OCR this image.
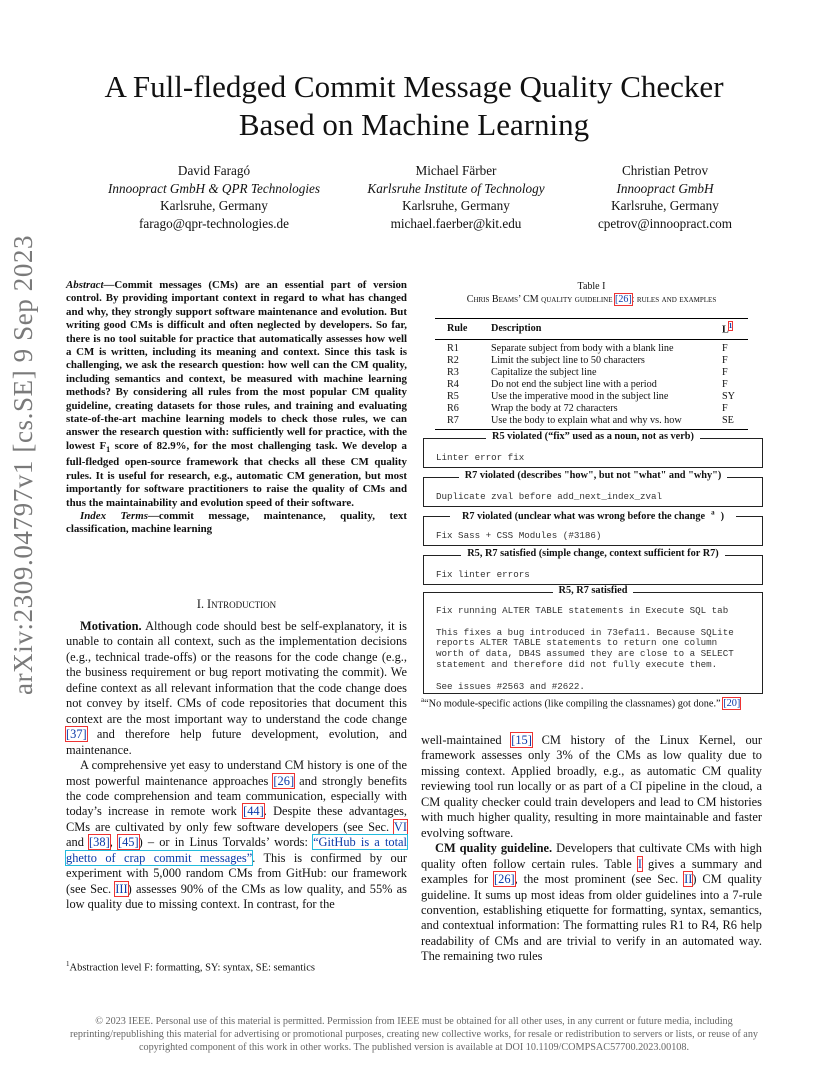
arXiv:2309.04797v1 [cs.SE] 9 Sep 2023
A Full-fledged Commit Message Quality Checker
Based on Machine Learning
David Faragó
Innoopract GmbH & QPR Technologies
Karlsruhe, Germany
farago@qpr-technologies.de
Michael Färber
Karlsruhe Institute of Technology
Karlsruhe, Germany
michael.faerber@kit.edu
Christian Petrov
Innoopract GmbH
Karlsruhe, Germany
cpetrov@innoopract.com
Abstract—Commit messages (CMs) are an essential part of version control. By providing important context in regard to what has changed and why, they strongly support software maintenance and evolution. But writing good CMs is difficult and often neglected by developers. So far, there is no tool suitable for practice that automatically assesses how well a CM is written, including its meaning and context. Since this task is challenging, we ask the research question: how well can the CM quality, including semantics and context, be measured with machine learning methods? By considering all rules from the most popular CM quality guideline, creating datasets for those rules, and training and evaluating state-of-the-art machine learning models to check those rules, we can answer the research question with: sufficiently well for practice, with the lowest $F_1$ score of 82.9%, for the most challenging task. We develop a full-fledged open-source framework that checks all these CM quality rules. It is useful for research, e.g., automatic CM generation, but most importantly for software practitioners to raise the quality of CMs and thus the maintainability and evolution speed of their software.
Index Terms—commit message, maintenance, quality, text classification, machine learning
I. Introduction

Motivation. Although code should best be self-explanatory, it is unable to contain all context, such as the implementation decisions (e.g., technical trade-offs) or the reasons for the code change (e.g., the business requirement or bug report motivating the commit). We define context as all relevant information that the code change does not convey by itself. CMs of code repositories that document this context are the most important way to understand the code change [37] and therefore help future development, evolution, and maintenance.

A comprehensive yet easy to understand CM history is one of the most powerful maintenance approaches [26] and strongly benefits the code comprehension and team communication, especially with today’s increase in remote work [44]. Despite these advantages, CMs are cultivated by only few software developers (see Sec. VI and [38], [45]) – or in Linus Torvalds’ words: “GitHub is a total ghetto of crap commit messages”. This is confirmed by our experiment with 5,000 random CMs from GitHub: our framework (see Sec. III) assesses 90% of the CMs as low quality, and 55% as low quality due to missing context. In contrast, for the

$^1$Abstraction level F: formatting, SY: syntax, SE: semantics
Table I
Chris Beams’ CM quality guideline [26]: rules and examples
Rule	Description	$L^1$
R1	Separate subject from body with a blank line	F
R2	Limit the subject line to 50 characters	F
R3	Capitalize the subject line	F
R4	Do not end the subject line with a period	F
R5	Use the imperative mood in the subject line	SY
R6	Wrap the body at 72 characters	F
R7	Use the body to explain what and why vs. how	SE
R5 violated (“fix” used as a noun, not as verb)
Linter error fix
R7 violated (describes "how", but not "what" and "why")
Duplicate zval before add_next_index_zval
R7 violated (unclear what was wrong before the change $^a$ )
Fix Sass + CSS Modules (#3186)
R5, R7 satisfied (simple change, context sufficient for R7)
Fix linter errors
R5, R7 satisfied
Fix running ALTER TABLE statements in Execute SQL tab

This fixes a bug introduced in 73efa11. Because SQLite
reports ALTER TABLE statements to return one column
worth of data, DB4S assumed they are close to a SELECT
statement and therefore did not fully execute them.

See issues #2563 and #2622.
$^a$“No module-specific actions (like compiling the classnames) got done.” [20]

well-maintained [15] CM history of the Linux Kernel, our framework assesses only 3% of the CMs as low quality due to missing context. Applied broadly, e.g., as automatic CM quality reviewing tool run locally or as part of a CI pipeline in the cloud, a CM quality checker could train developers and lead to CM histories with much higher quality, resulting in more maintainable and faster evolving software.

CM quality guideline. Developers that cultivate CMs with high quality often follow certain rules. Table I gives a summary and examples for [26], the most prominent (see Sec. II) CM quality guideline. It sums up most ideas from older guidelines into a 7-rule convention, establishing etiquette for formatting, syntax, semantics, and contextual information: The formatting rules R1 to R4, R6 help readability of CMs and are trivial to verify in an automated way. The remaining two rules

© 2023 IEEE. Personal use of this material is permitted. Permission from IEEE must be obtained for all other uses, in any current or future media, including reprinting/republishing this material for advertising or promotional purposes, creating new collective works, for resale or redistribution to servers or lists, or reuse of any copyrighted component of this work in other works. The published version is available at DOI 10.1109/COMPSAC57700.2023.00108.
